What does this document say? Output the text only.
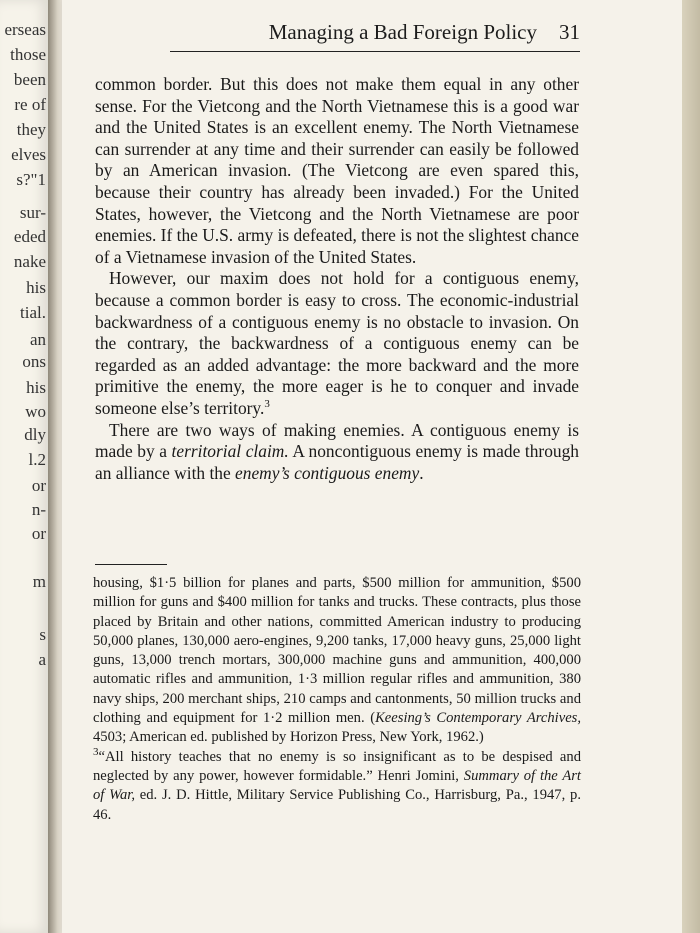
erseas
those
been
re of
they
elves
s?"1
sur-
eded
nake
his
tial.
an
ons
his
wo
dly
l.2
or
n-
or
m
s
a
Managing a Bad Foreign Policy 31

common border. But this does not make them equal in any other sense. For the Vietcong and the North Vietnamese this is a good war and the United States is an excellent enemy. The North Vietnamese can surrender at any time and their surrender can easily be followed by an American invasion. (The Vietcong are even spared this, because their country has already been invaded.) For the United States, however, the Vietcong and the North Vietnamese are poor enemies. If the U.S. army is defeated, there is not the slightest chance of a Vietnamese invasion of the United States.

However, our maxim does not hold for a contiguous enemy, because a common border is easy to cross. The economic-industrial backwardness of a contiguous enemy is no obstacle to invasion. On the contrary, the backwardness of a contiguous enemy can be regarded as an added advantage: the more backward and the more primitive the enemy, the more eager is he to conquer and invade someone else’s territory.$^3$

There are two ways of making enemies. A contiguous enemy is made by a territorial claim. A noncontiguous enemy is made through an alliance with the enemy’s contiguous enemy.

housing, $1·5 billion for planes and parts, $500 million for ammunition, $500 million for guns and $400 million for tanks and trucks. These contracts, plus those placed by Britain and other nations, committed American industry to producing 50,000 planes, 130,000 aero-engines, 9,200 tanks, 17,000 heavy guns, 25,000 light guns, 13,000 trench mortars, 300,000 machine guns and ammunition, 400,000 automatic rifles and ammunition, 1·3 million regular rifles and ammunition, 380 navy ships, 200 merchant ships, 210 camps and cantonments, 50 million trucks and clothing and equipment for 1·2 million men. (Keesing’s Contemporary Archives, 4503; American ed. published by Horizon Press, New York, 1962.)

$^3$“All history teaches that no enemy is so insignificant as to be despised and neglected by any power, however formidable.” Henri Jomini, Summary of the Art of War, ed. J. D. Hittle, Military Service Publishing Co., Harrisburg, Pa., 1947, p. 46.
